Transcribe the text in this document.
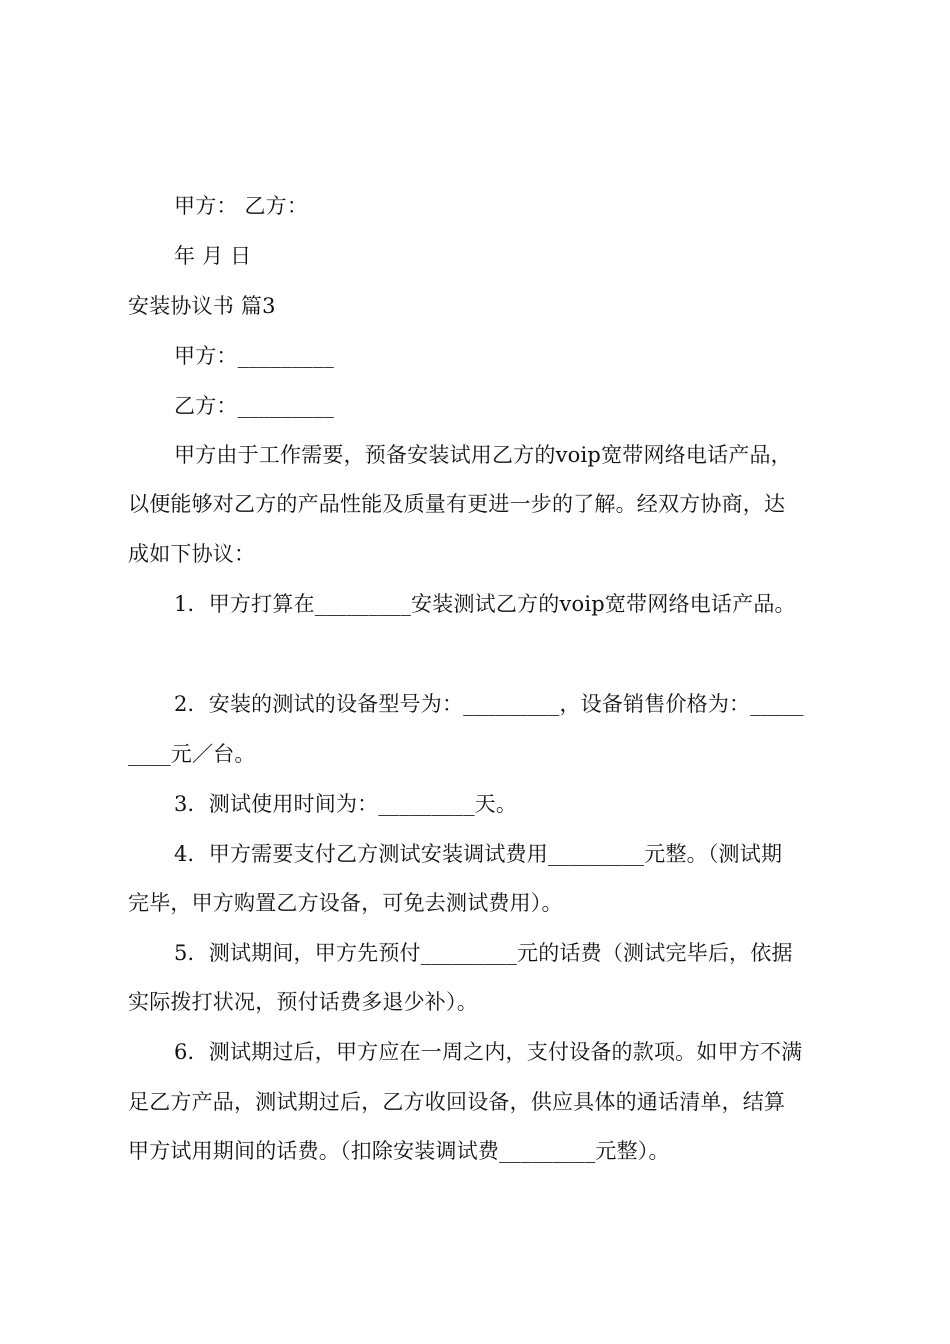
甲方： 乙方：
年 月 日
安装协议书 篇3
甲方：_________
乙方：_________
甲方由于工作需要，预备安装试用乙方的voip宽带网络电话产品，
以便能够对乙方的产品性能及质量有更进一步的了解。经双方协商，达
成如下协议：
1．甲方打算在_________安装测试乙方的voip宽带网络电话产品。
2．安装的测试的设备型号为：_________，设备销售价格为：_____
____元／台。
3．测试使用时间为：_________天。
4．甲方需要支付乙方测试安装调试费用_________元整。（测试期
完毕，甲方购置乙方设备，可免去测试费用）。
5．测试期间，甲方先预付_________元的话费（测试完毕后，依据
实际拨打状况，预付话费多退少补）。
6．测试期过后，甲方应在一周之内，支付设备的款项。如甲方不满
足乙方产品，测试期过后，乙方收回设备，供应具体的通话清单，结算
甲方试用期间的话费。（扣除安装调试费_________元整）。
